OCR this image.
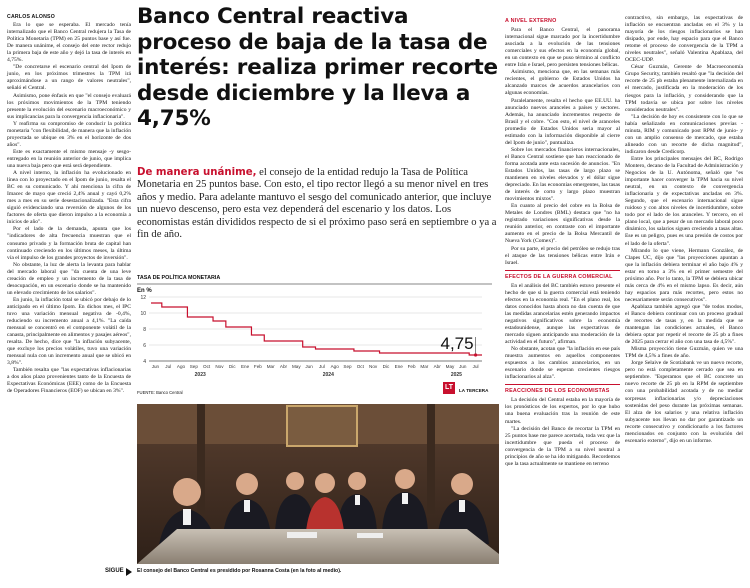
CARLOS ALONSO

Era lo que se esperaba. El mercado tenía internalizado que el Banco Central redujera la Tasa de Política Monetaria (TPM) en 25 puntos base y así fue. De manera unánime, el consejo del ente rector redujo la primera baja de este año y dejó la tasa de interés en 4,75%.

"De concretarse el escenario central del Ipom de junio, en los próximos trimestres la TPM irá aproximándose a un rango de valores neutrales", señaló el Central.

Asimismo, pone énfasis en que "el consejo evaluará los próximos movimientos de la TPM teniendo presente la evolución del escenario macroeconómico y sus implicancias para la convergencia inflacionaria".

Y reafirma su compromiso de conducir la política monetaria "con flexibilidad, de manera que la inflación proyectada se ubique en 3% en el horizonte de dos años".

Este es exactamente el mismo mensaje -y sesgo- entregado en la reunión anterior de junio, que implica una nueva baja pero que está será dependiente.

A nivel interno, la inflación ha evolucionado en línea con lo proyectado en el Ipom de junio, resalta el BC en su comunicado. Y ahí menciona la cifra de Imacec de mayo que creció 2,4% anual y cayó 0,2% mes a mes en su serie desestacionalizada. "Esta cifra siguió evidenciando una reversión de algunos de los factores de oferta que dieron impulso a la economía a inicios de año".

Por el lado de la demanda, apunta que los "indicadores de alta frecuencia muestran que el consumo privado y la formación bruta de capital han continuado creciendo en los últimos meses, la última vía el impulso de los grandes proyectos de inversión".

No obstante, la luz de alerta la levanta para hablar del mercado laboral que "da cuenta de una leve creación de empleo y un incremento de la tasa de desocupación, en un escenario donde se ha mantenido un elevado crecimiento de los salarios".

En junio, la inflación total se ubicó por debajo de lo anticipado en el último Ipom. En dichos mes, el IPC tuvo una variación mensual negativa de -0,4%, reduciendo su incremento anual a 4,1%. "La caída mensual se concentró en el componente volátil de la canasta, principalmente en alimentos y pasajes aéreos", resalta. De hecho, dice que "la inflación subyacente, que excluye los precios volátiles, tuvo una variación mensual nula con un incremento anual que se ubicó en 3,8%".

También resalta que "las expectativas inflacionarias a dos años plazo provenientes tanto de la Encuesta de Expectativas Económicas (EEE) como de la Encuesta de Operadores Financieros (EOF) se ubican en 3%".

Banco Central reactiva proceso de baja de la tasa de interés: realiza primer recorte desde diciembre y la lleva a 4,75%
De manera unánime, el consejo de la entidad redujo la Tasa de Política Monetaria en 25 puntos base. Con esto, el tipo rector llegó a su menor nivel en tres años y medio. Para adelante mantuvo el sesgo del comunicado anterior, que incluye un nuevo descenso, pero esta vez dependerá del escenario y los datos. Los economistas están divididos respecto de si el próximo paso será en septiembre o ya a fin de año.
4
6
8
10
12
Jun Jul Ago Sep Oct Nov Dic Ene Feb Mar Abr May Jun Jul Ago Sep Oct Nov Dic Ene Feb Mar Abr May Jun Jul
2023	2024	2025
4,75
TASA DE POLÍTICA MONETARIA
En %
FUENTE: Banco Central
LT	LA TERCERA
El consejo del Banco Central es presidido por Rosanna Costa (en la foto al medio).
SIGUE
A NIVEL EXTERNO

Para el Banco Central, el panorama internacional sigue marcado por la incertidumbre asociada a la evolución de las tensiones comerciales y sus efectos en la economía global, en un contexto en que se puso término al conflicto entre Irán e Israel, pero persisten tensiones bélicas.

Asimismo, menciona que, en las semanas más recientes, el gobierno de Estados Unidos ha alcanzado marcos de acuerdos arancelarios con algunas economías.

Paralelamente, resalta el hecho que EE.UU. ha anunciado nuevos aranceles a países y sectores. Además, ha anunciado incrementos respecto de Brasil y el cobre. "Con esto, el nivel de aranceles promedio de Estados Unidos seria mayor al estimado con la información disponible al cierre del Ipom de junio", puntualiza.

Sobre los mercados financieros internacionales, el Banco Central sostiene que han reaccionado de forma acotada ante esta sucesión de anuncios. "En Estados Unidos, las tasas de largo plazo se mantienen en niveles elevados y el dólar sigue depreciado. En las economías emergentes, las tasas de interés de corto y largo plazo muestran movimientos mixtos".

En cuanto al precio del cobre en la Bolsa de Metales de Londres (BML) destaca que "no ha registrado variaciones significativas desde la reunión anterior, en contraste con el importante aumento en el precio de la Bolsa Mercantil de Nueva York (Comex)".

Por su parte, el precio del petróleo se redujo tras el ataque de las tensiones bélicas entre Irán e Israel.

EFECTOS DE LA GUERRA COMERCIAL

En el análisis del BC también estuvo presente el hecho de que si la guerra comercial está teniendo efectos en la economía real. "En el plano real, los datos conocidos hasta ahora no dan cuenta de que las medidas arancelarias estén generando impactos negativos significativos sobre la economía estadounidense, aunque las expectativas de mercado siguen anticipando una moderación de la actividad en el futuro", afirman.

No obstante, acotan que "la inflación en ese país muestra aumentos en aquellos componentes expuestos a los cambios arancelarios, en un escenario donde se esperan crecientes riesgos inflacionarios al alza".

REACCIONES DE LOS ECONOMISTAS

La decisión del Central estaba en la mayoría de los pronósticos de los expertos, por lo que hubo una buena evaluación tras la reunión de este martes.

"La decisión del Banco de recortar la TPM en 25 puntos base me parece acertada, toda vez que la incertidumbre que pueda el proceso de convergencia de la TPM a su nivel neutral a principios de año se ha ido mitigando. Recordemos que la tasa actualmente se mantiene en terreno

contractivo, sin embargo, las expectativas de inflación se encuentran ancladas en el 3% y la mayoría de los riesgos inflacionarios se han disipado, por ende, hay espacio para que el Banco retome el proceso de convergencia de la TPM a niveles neutrales", señaló Valentina Apablaza, del OCEC-UDP.

César Guzmán, Gerente de Macroeconomía Grupo Security, también resaltó que "la decisión del recorte de 25 pb estaba plenamente internalizada en el mercado, justificada en la moderación de los riesgos para la inflación, y considerando que la TPM todavía se ubica por sobre los niveles considerados neutrales".

"La decisión de hoy es consistente con lo que se había señalizado en comunicaciones previas -minuta, RIM y comunicado post RPM de junio- y con un amplio consenso de mercado, que estaba alineado con un recorte de dicha magnitud", indicaron desde Credicorp.

Entre los principales mensajes del BC, Rodrigo Montero, decano de la Facultad de Administración y Negocios de la U. Autónoma, señaló que "es importante hacer converger la TPM hacia su nivel neutral, en un contexto de convergencia inflacionaria y de expectativas ancladas en 3%. Segundo, que el escenario internacional sigue ruidoso y con altos niveles de incertidumbre, sobre todo por el lado de los aranceles. Y tercero, en el plano local, que a pesar de un mercado laboral poco dinámico, los salarios siguen creciendo a tasas altas. Ese es un peligro, pues es una presión de costos por el lado de la oferta".

Mirando lo que viene, Hermann González, de Clapes UC, dijo que "las proyecciones apuntan a que la inflación debiera terminar el año bajo 4% y estar en torno a 3% en el primer semestre del próximo año. Por lo tanto, la TPM se debiera ubicar más cerca de 4% en el mismo lapso. Es decir, aún hay espacios para más recortes, pero estos no necesariamente serán consecutivos".

Apablaza también agregó que "de todos modos, el Banco debiera continuar con un proceso gradual de recortes de tasas y, en la medida que se mantengan las condiciones actuales, el Banco debiera optar por repetir el recorte de 25 pb a fines de 2025 para cerrar el año con una tasa de 4,5%".

Misma proyección tiene Guzmán, quien ve una TPM de 4,5% a fines de año.

Jorge Selaive de Scotiabank ve un nuevo recorte, pero no está completamente cerrado que sea en septiembre. "Esperamos que el BC concrete un nuevo recorte de 25 pb en la RPM de septiembre con una probabilidad acotada y de no mediar sorpresas inflacionarias y/o depreciaciones sostenidas del peso durante las próximas semanas. El alza de los salarios y una relativa inflación subyacente nos llevan no dar por garantizado un recorte consecutivo y condicionarlo a los factores mencionados en conjunto con la evolución del escenario externo", dijo en un informe.
